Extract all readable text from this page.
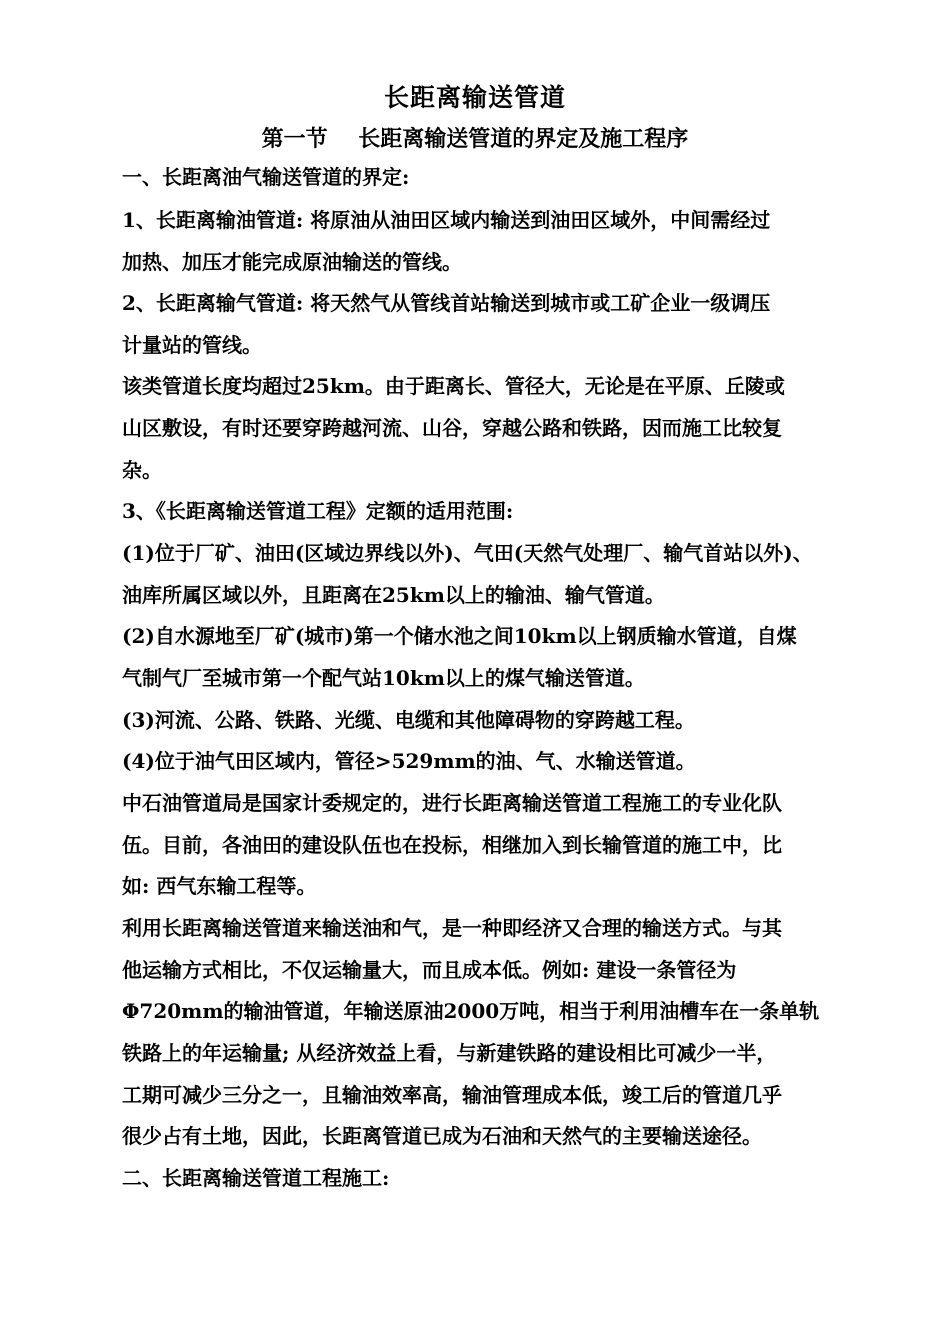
长距离输送管道
第一节    长距离输送管道的界定及施工程序
一、长距离油气输送管道的界定:
1、长距离输油管道: 将原油从油田区域内输送到油田区域外，中间需经过
加热、加压才能完成原油输送的管线。
2、长距离输气管道: 将天然气从管线首站输送到城市或工矿企业一级调压
计量站的管线。
该类管道长度均超过25km。由于距离长、管径大，无论是在平原、丘陵或
山区敷设，有时还要穿跨越河流、山谷，穿越公路和铁路，因而施工比较复
杂。
3、《长距离输送管道工程》定额的适用范围:
(1)位于厂矿、油田(区域边界线以外)、气田(天然气处理厂、输气首站以外)、
油库所属区域以外，且距离在25km以上的输油、输气管道。
(2)自水源地至厂矿(城市)第一个储水池之间10km以上钢质输水管道，自煤
气制气厂至城市第一个配气站10km以上的煤气输送管道。
(3)河流、公路、铁路、光缆、电缆和其他障碍物的穿跨越工程。
(4)位于油气田区域内，管径>529mm的油、气、水输送管道。
中石油管道局是国家计委规定的，进行长距离输送管道工程施工的专业化队
伍。目前，各油田的建设队伍也在投标，相继加入到长输管道的施工中，比
如: 西气东输工程等。
利用长距离输送管道来输送油和气，是一种即经济又合理的输送方式。与其
他运输方式相比，不仅运输量大，而且成本低。例如: 建设一条管径为
Φ720mm的输油管道，年输送原油2000万吨，相当于利用油槽车在一条单轨
铁路上的年运输量; 从经济效益上看，与新建铁路的建设相比可减少一半，
工期可减少三分之一，且输油效率高，输油管理成本低，竣工后的管道几乎
很少占有土地，因此，长距离管道已成为石油和天然气的主要输送途径。
二、长距离输送管道工程施工:
